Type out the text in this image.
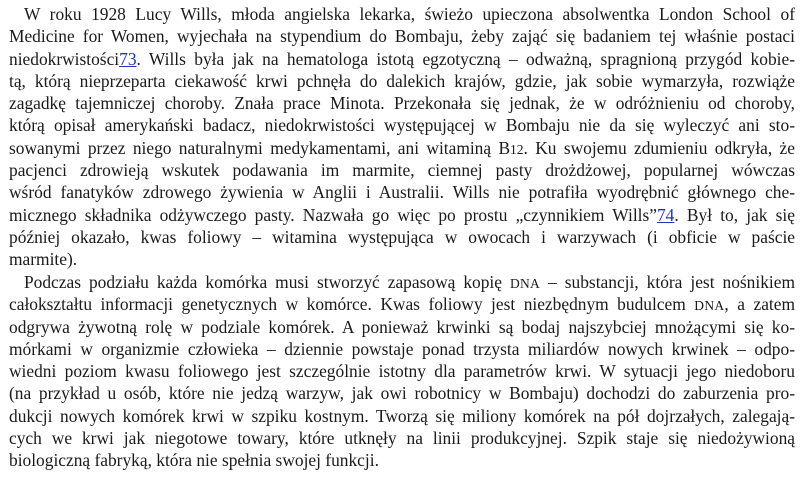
W roku 1928 Lucy Wills, młoda angielska lekarka, świeżo upieczona absolwentka London School of
Medicine for Women, wyjechała na stypendium do Bombaju, żeby zająć się badaniem tej właśnie postaci
niedokrwistości73. Wills była jak na hematologa istotą egzotyczną – odważną, spragnioną przygód kobie-
tą, którą nieprzeparta ciekawość krwi pchnęła do dalekich krajów, gdzie, jak sobie wymarzyła, rozwiąże
zagadkę tajemniczej choroby. Znała prace Minota. Przekonała się jednak, że w odróżnieniu od choroby,
którą opisał amerykański badacz, niedokrwistości występującej w Bombaju nie da się wyleczyć ani sto-
sowanymi przez niego naturalnymi medykamentami, ani witaminą B12. Ku swojemu zdumieniu odkryła, że
pacjenci zdrowieją wskutek podawania im marmite, ciemnej pasty drożdżowej, popularnej wówczas
wśród fanatyków zdrowego żywienia w Anglii i Australii. Wills nie potrafiła wyodrębnić głównego che-
micznego składnika odżywczego pasty. Nazwała go więc po prostu „czynnikiem Wills”74. Był to, jak się
później okazało, kwas foliowy – witamina występująca w owocach i warzywach (i obficie w paście
marmite).
Podczas podziału każda komórka musi stworzyć zapasową kopię DNA – substancji, która jest nośnikiem
całokształtu informacji genetycznych w komórce. Kwas foliowy jest niezbędnym budulcem DNA, a zatem
odgrywa żywotną rolę w podziale komórek. A ponieważ krwinki są bodaj najszybciej mnożącymi się ko-
mórkami w organizmie człowieka – dziennie powstaje ponad trzysta miliardów nowych krwinek – odpo-
wiedni poziom kwasu foliowego jest szczególnie istotny dla parametrów krwi. W sytuacji jego niedoboru
(na przykład u osób, które nie jedzą warzyw, jak owi robotnicy w Bombaju) dochodzi do zaburzenia pro-
dukcji nowych komórek krwi w szpiku kostnym. Tworzą się miliony komórek na pół dojrzałych, zalegają-
cych we krwi jak niegotowe towary, które utknęły na linii produkcyjnej. Szpik staje się niedożywioną
biologiczną fabryką, która nie spełnia swojej funkcji.
